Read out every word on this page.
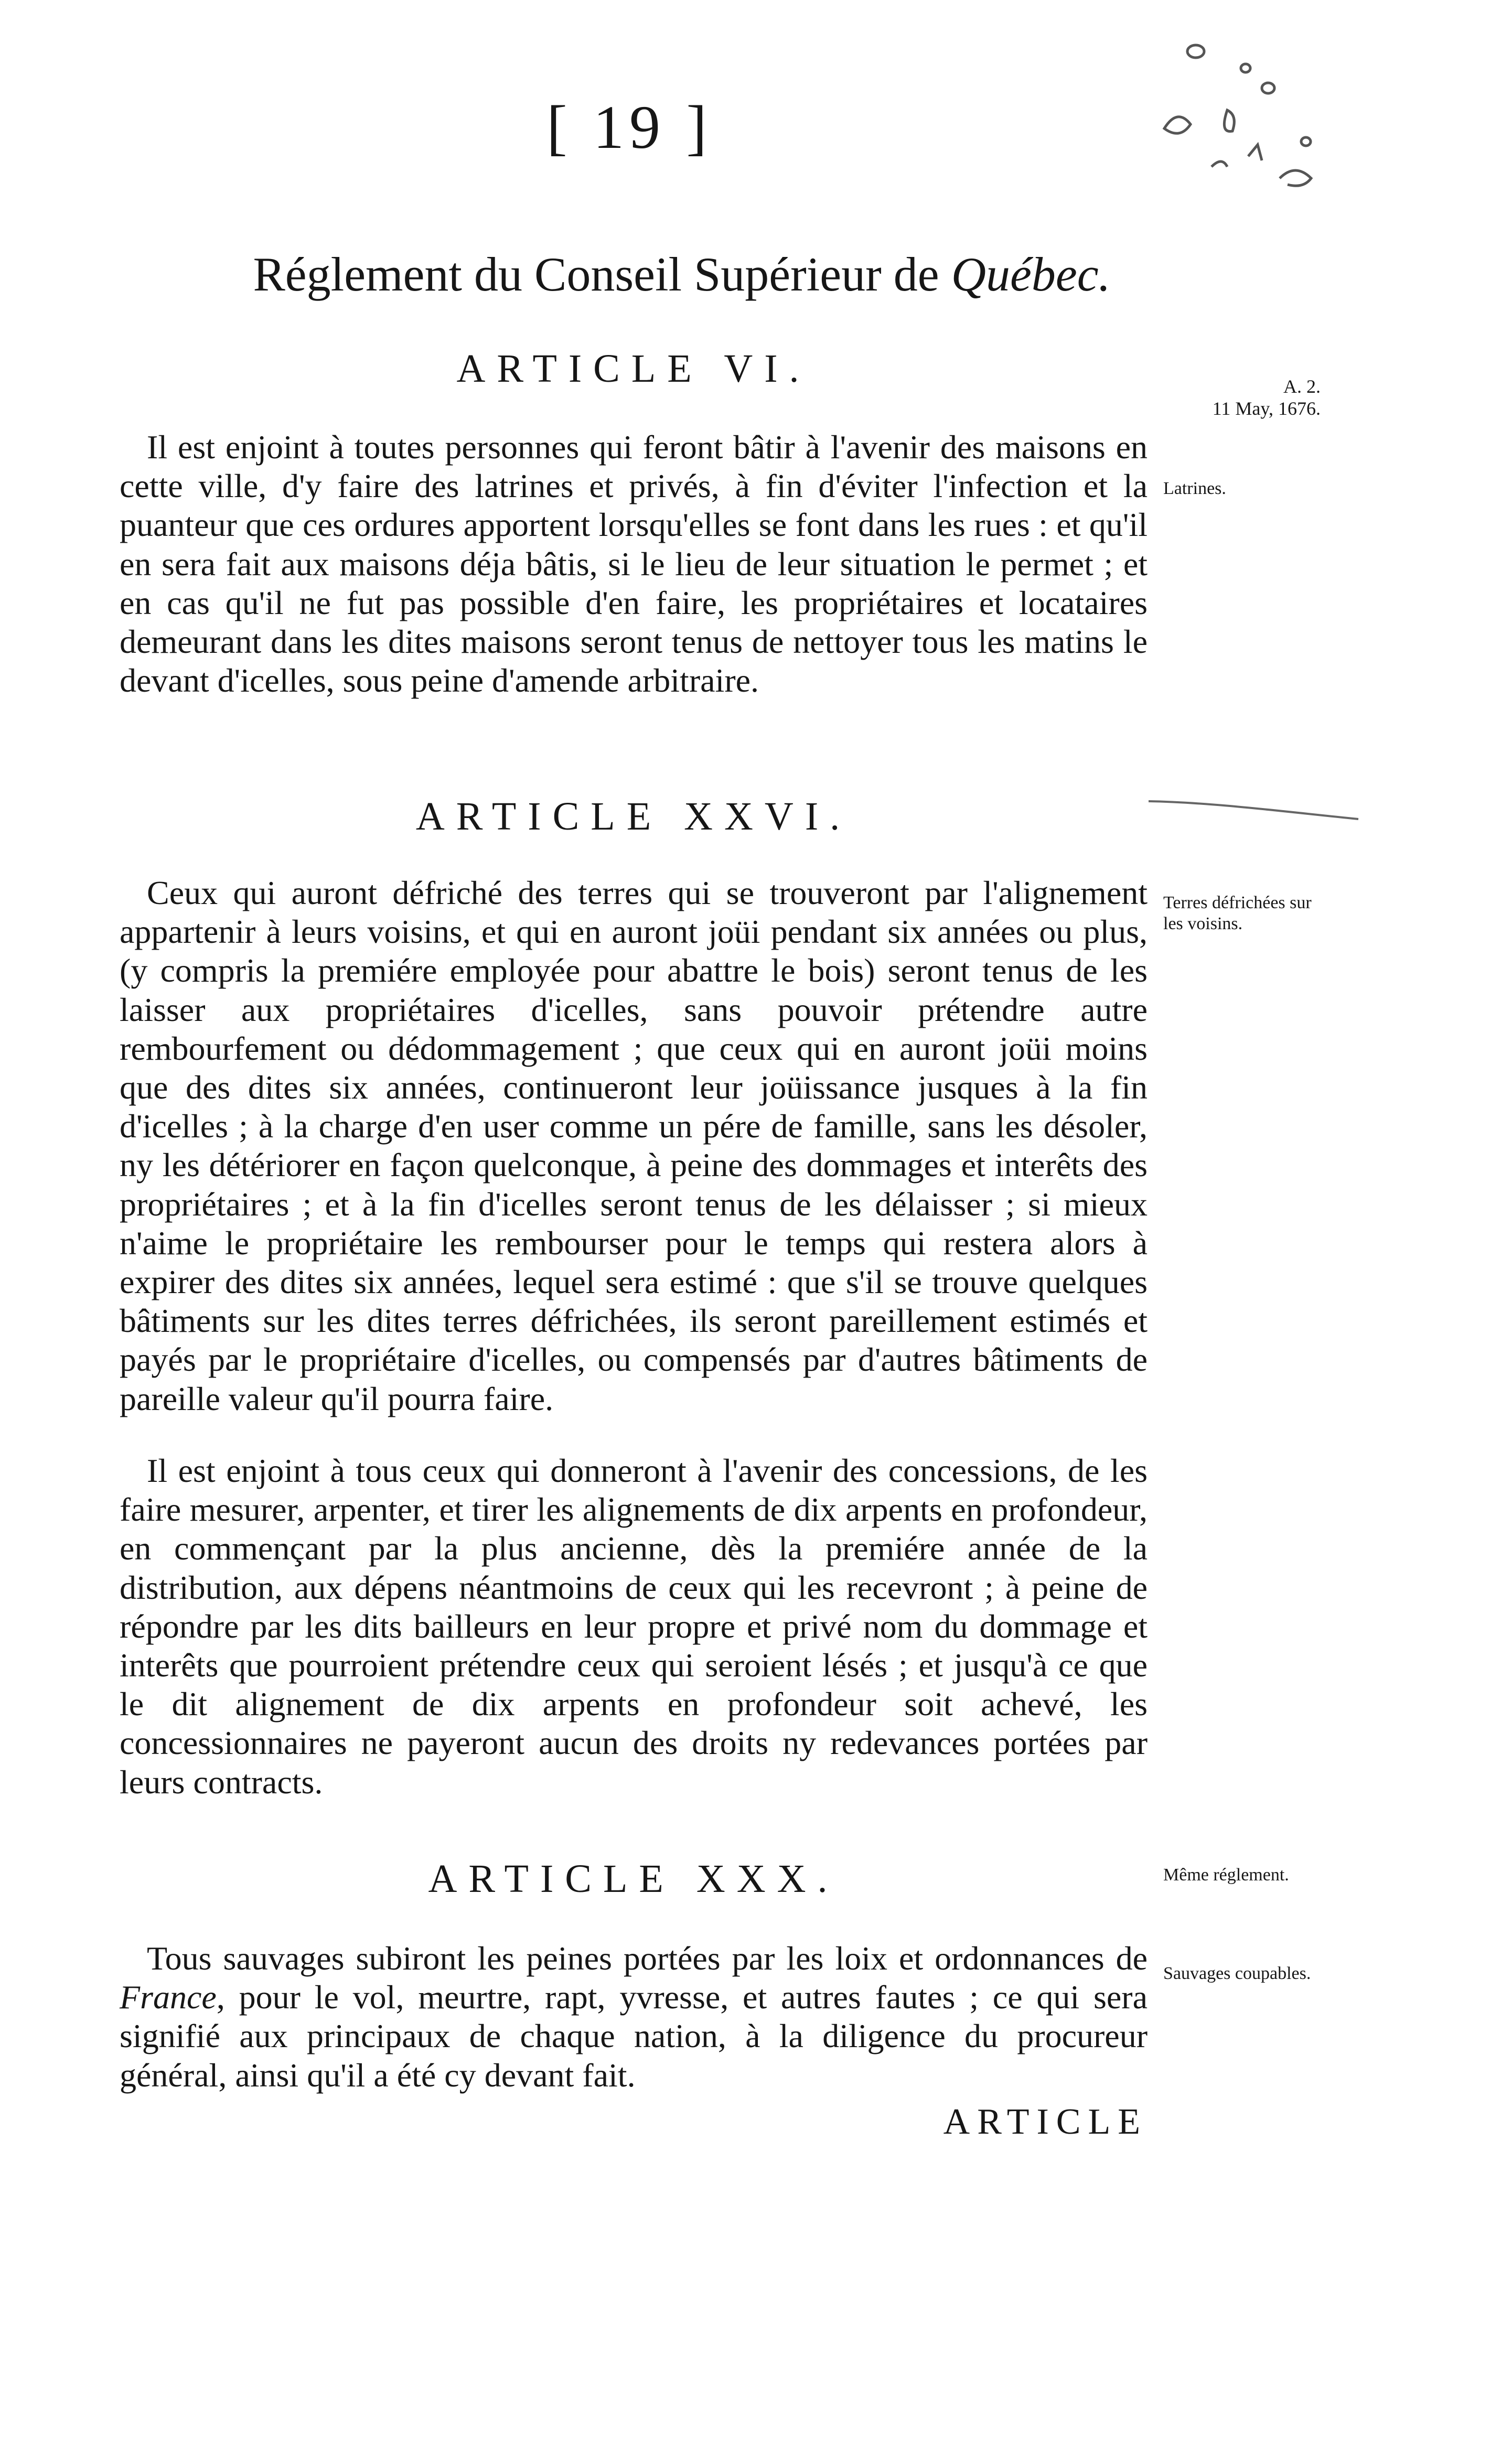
[ 19 ]
Réglement du Conseil Supérieur de Québec.
ARTICLE VI.

Il est enjoint à toutes personnes qui feront bâtir à l'avenir des maisons en cette ville, d'y faire des latrines et privés, à fin d'éviter l'infection et la puanteur que ces ordures apportent lorsqu'elles se font dans les rues : et qu'il en sera fait aux maisons déja bâtis, si le lieu de leur situation le permet ; et en cas qu'il ne fut pas possible d'en faire, les propriétaires et locataires demeurant dans les dites maisons seront tenus de nettoyer tous les matins le devant d'icelles, sous peine d'amende arbitraire.

ARTICLE XXVI.

Ceux qui auront défriché des terres qui se trouveront par l'alignement appartenir à leurs voisins, et qui en auront joüi pendant six années ou plus, (y compris la premiére employée pour abattre le bois) seront tenus de les laisser aux propriétaires d'icelles, sans pouvoir prétendre autre rembourfement ou dédommagement ; que ceux qui en auront joüi moins que des dites six années, continueront leur joüissance jusques à la fin d'icelles ; à la charge d'en user comme un pére de famille, sans les désoler, ny les détériorer en façon quelconque, à peine des dommages et interêts des propriétaires ; et à la fin d'icelles seront tenus de les délaisser ; si mieux n'aime le propriétaire les rembourser pour le temps qui restera alors à expirer des dites six années, lequel sera estimé : que s'il se trouve quelques bâtiments sur les dites terres défrichées, ils seront pareillement estimés et payés par le propriétaire d'icelles, ou compensés par d'autres bâtiments de pareille valeur qu'il pourra faire.

Il est enjoint à tous ceux qui donneront à l'avenir des concessions, de les faire mesurer, arpenter, et tirer les alignements de dix arpents en profondeur, en commençant par la plus ancienne, dès la premiére année de la distribution, aux dépens néantmoins de ceux qui les recevront ; à peine de répondre par les dits bailleurs en leur propre et privé nom du dommage et interêts que pourroient prétendre ceux qui seroient lésés ; et jusqu'à ce que le dit alignement de dix arpents en profondeur soit achevé, les concessionnaires ne payeront aucun des droits ny redevances portées par leurs contracts.

ARTICLE XXX.

Tous sauvages subiront les peines portées par les loix et ordonnances de France, pour le vol, meurtre, rapt, yvresse, et autres fautes ; ce qui sera signifié aux principaux de chaque nation, à la diligence du procureur général, ainsi qu'il a été cy devant fait.

ARTICLE
A. 2.
11 May, 1676.
Latrines.
Terres défrichées sur les voisins.
Même réglement.
Sauvages coupables.
